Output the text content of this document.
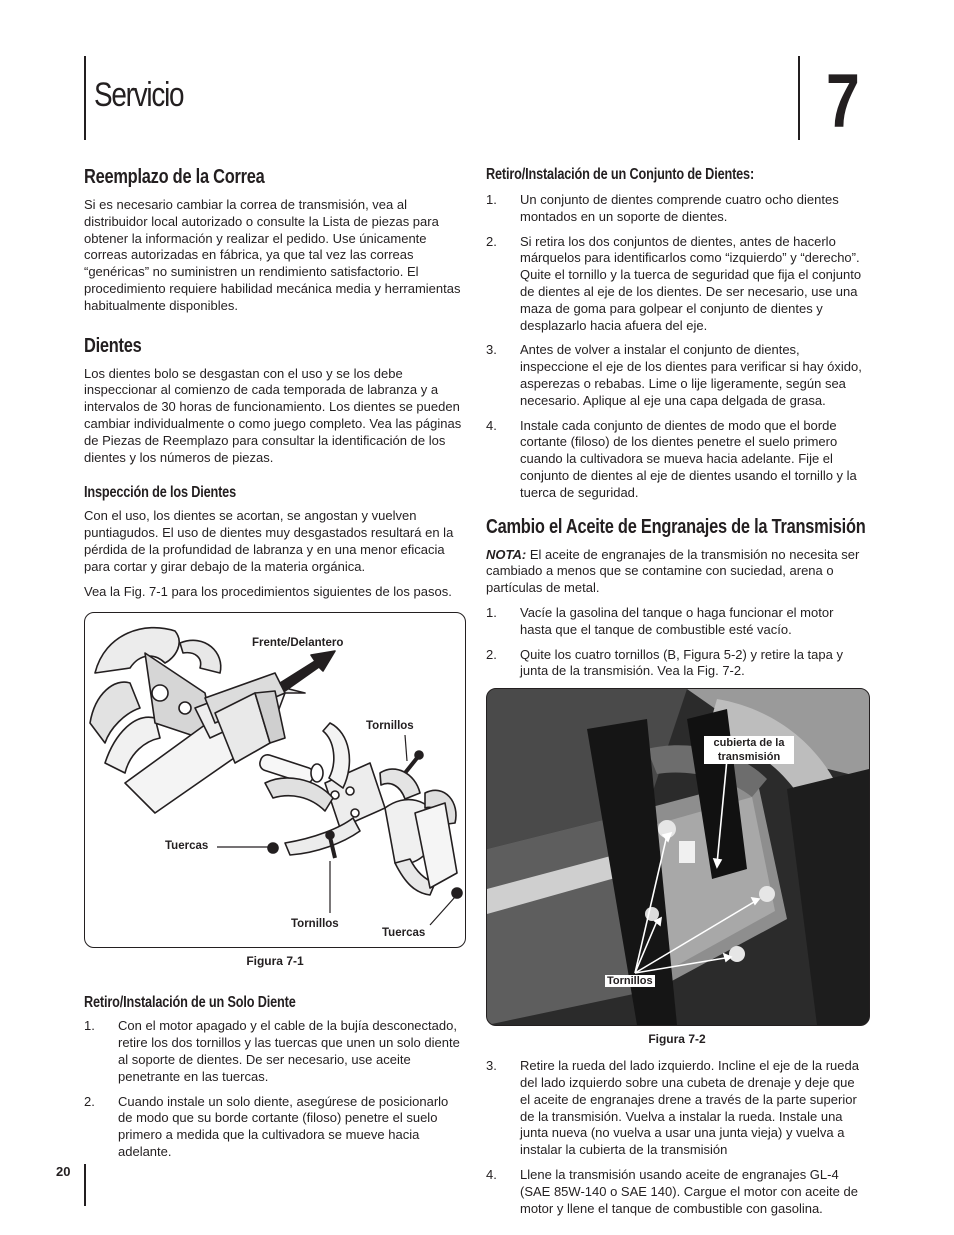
Servicio	7
Reemplazo de la Correa

Si es necesario cambiar la correa de transmisión, vea al distribuidor local autorizado o consulte la Lista de piezas para obtener la información y realizar el pedido. Use únicamente correas autorizadas en fábrica, ya que tal vez las correas “genéricas” no suministren un rendimiento satisfactorio. El procedimiento requiere habilidad mecánica media y herramientas habitualmente disponibles.

Dientes

Los dientes bolo se desgastan con el uso y se los debe inspeccionar al comienzo de cada temporada de labranza y a intervalos de 30 horas de funcionamiento. Los dientes se pueden cambiar individualmente o como juego completo. Vea las páginas de Piezas de Reemplazo para consultar la identificación de los dientes y los números de piezas.

Inspección de los Dientes

Con el uso, los dientes se acortan, se angostan y vuelven puntiagudos. El uso de dientes muy desgastados resultará en la pérdida de la profundidad de labranza y en una menor eficacia para cortar y girar debajo de la materia orgánica.

Vea la Fig. 7-1 para los procedimientos siguientes de los pasos.

Frente/Delantero
Tornillos
Tuercas
Tornillos
Tuercas
Figura 7-1
Retiro/Instalación de un Solo Diente
1. Con el motor apagado y el cable de la bujía desconectado, retire los dos tornillos y las tuercas que unen un solo diente al soporte de dientes. De ser necesario, use aceite penetrante en las tuercas.
2. Cuando instale un solo diente, asegúrese de posicionarlo de modo que su borde cortante (filoso) penetre el suelo primero a medida que la cultivadora se mueve hacia adelante.
Retiro/Instalación de un Conjunto de Dientes:
1. Un conjunto de dientes comprende cuatro ocho dientes montados en un soporte de dientes.
2. Si retira los dos conjuntos de dientes, antes de hacerlo márquelos para identificarlos como “izquierdo” y “derecho”. Quite el tornillo y la tuerca de seguridad que fija el conjunto de dientes al eje de los dientes. De ser necesario, use una maza de goma para golpear el conjunto de dientes y desplazarlo hacia afuera del eje.
3. Antes de volver a instalar el conjunto de dientes, inspeccione el eje de los dientes para verificar si hay óxido, asperezas o rebabas. Lime o lije ligeramente, según sea necesario. Aplique al eje una capa delgada de grasa.
4. Instale cada conjunto de dientes de modo que el borde cortante (filoso) de los dientes penetre el suelo primero cuando la cultivadora se mueva hacia adelante. Fije el conjunto de dientes al eje de dientes usando el tornillo y la tuerca de seguridad.
Cambio el Aceite de Engranajes de la Transmisión

NOTA: El aceite de engranajes de la transmisión no necesita ser cambiado a menos que se contamine con suciedad, arena o partículas de metal.

1. Vacíe la gasolina del tanque o haga funcionar el motor hasta que el tanque de combustible esté vacío.
2. Quite los cuatro tornillos (B, Figura 5-2) y retire la tapa y junta de la transmisión. Vea la Fig. 7-2.
cubierta de la transmisión
Tornillos
Figura 7-2
3. Retire la rueda del lado izquierdo. Incline el eje de la rueda del lado izquierdo sobre una cubeta de drenaje y deje que el aceite de engranajes drene a través de la parte superior de la transmisión. Vuelva a instalar la rueda. Instale una junta nueva (no vuelva a usar una junta vieja) y vuelva a instalar la cubierta de la transmisión
4. Llene la transmisión usando aceite de engranajes GL-4 (SAE 85W-140 o SAE 140). Cargue el motor con aceite de motor y llene el tanque de combustible con gasolina.
20
